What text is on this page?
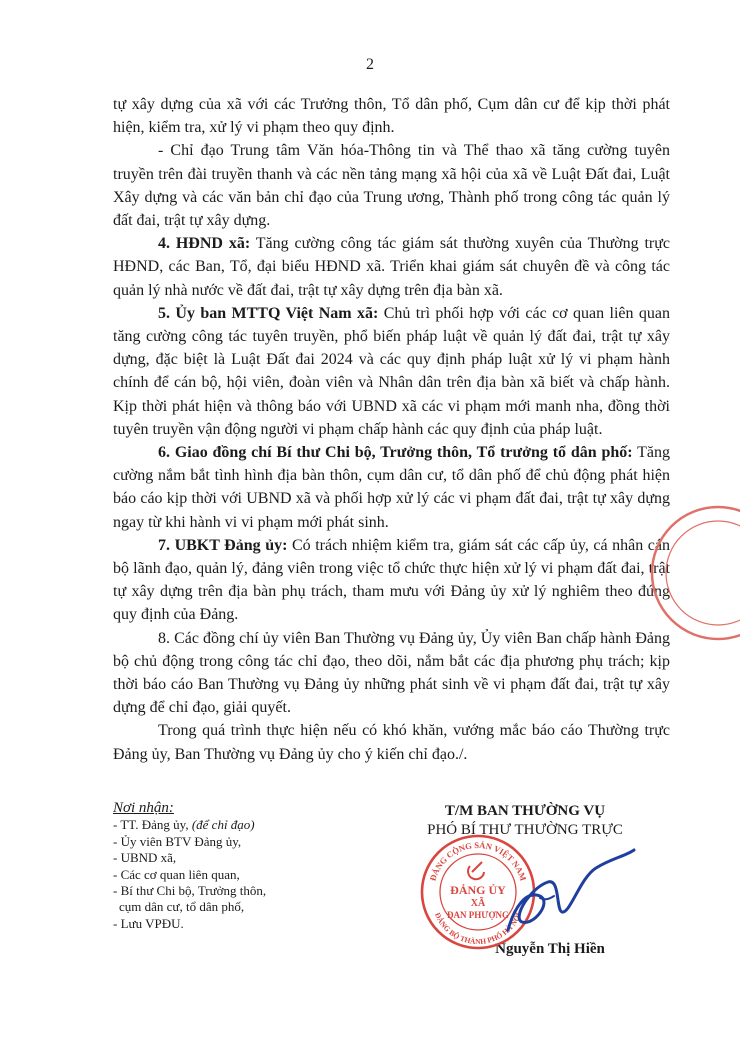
2

tự xây dựng của xã với các Trưởng thôn, Tổ dân phố, Cụm dân cư để kịp thời phát hiện, kiểm tra, xử lý vi phạm theo quy định.

- Chỉ đạo Trung tâm Văn hóa-Thông tin và Thể thao xã tăng cường tuyên truyền trên đài truyền thanh và các nền tảng mạng xã hội của xã về Luật Đất đai, Luật Xây dựng và các văn bản chỉ đạo của Trung ương, Thành phố trong công tác quản lý đất đai, trật tự xây dựng.

4. HĐND xã: Tăng cường công tác giám sát thường xuyên của Thường trực HĐND, các Ban, Tổ, đại biểu HĐND xã. Triển khai giám sát chuyên đề và công tác quản lý nhà nước về đất đai, trật tự xây dựng trên địa bàn xã.

5. Ủy ban MTTQ Việt Nam xã: Chủ trì phối hợp với các cơ quan liên quan tăng cường công tác tuyên truyền, phổ biến pháp luật về quản lý đất đai, trật tự xây dựng, đặc biệt là Luật Đất đai 2024 và các quy định pháp luật xử lý vi phạm hành chính để cán bộ, hội viên, đoàn viên và Nhân dân trên địa bàn xã biết và chấp hành. Kịp thời phát hiện và thông báo với UBND xã các vi phạm mới manh nha, đồng thời tuyên truyền vận động người vi phạm chấp hành các quy định của pháp luật.

6. Giao đồng chí Bí thư Chi bộ, Trưởng thôn, Tổ trưởng tổ dân phố: Tăng cường nắm bắt tình hình địa bàn thôn, cụm dân cư, tổ dân phố để chủ động phát hiện báo cáo kịp thời với UBND xã và phối hợp xử lý các vi phạm đất đai, trật tự xây dựng ngay từ khi hành vi vi phạm mới phát sinh.

7. UBKT Đảng ủy: Có trách nhiệm kiểm tra, giám sát các cấp ủy, cá nhân cán bộ lãnh đạo, quản lý, đảng viên trong việc tổ chức thực hiện xử lý vi phạm đất đai, trật tự xây dựng trên địa bàn phụ trách, tham mưu với Đảng ủy xử lý nghiêm theo đúng quy định của Đảng.

8. Các đồng chí ủy viên Ban Thường vụ Đảng ủy, Ủy viên Ban chấp hành Đảng bộ chủ động trong công tác chỉ đạo, theo dõi, nắm bắt các địa phương phụ trách; kịp thời báo cáo Ban Thường vụ Đảng ủy những phát sinh về vi phạm đất đai, trật tự xây dựng để chỉ đạo, giải quyết.

Trong quá trình thực hiện nếu có khó khăn, vướng mắc báo cáo Thường trực Đảng ủy, Ban Thường vụ Đảng ủy cho ý kiến chỉ đạo./.

Nơi nhận:
- TT. Đảng ủy, (để chỉ đạo)
- Ủy viên BTV Đảng ủy,
- UBND xã,
- Các cơ quan liên quan,
- Bí thư Chi bộ, Trưởng thôn,
cụm dân cư, tổ dân phố,
- Lưu VPĐU.
T/M BAN THƯỜNG VỤ
PHÓ BÍ THƯ THƯỜNG TRỰC
Nguyễn Thị Hiền
ĐẢNG CỘNG SẢN VIỆT NAM
ĐẢNG BỘ THÀNH PHỐ HÀ NỘI
ĐẢNG ỦY
XÃ
ĐAN PHƯỢNG
